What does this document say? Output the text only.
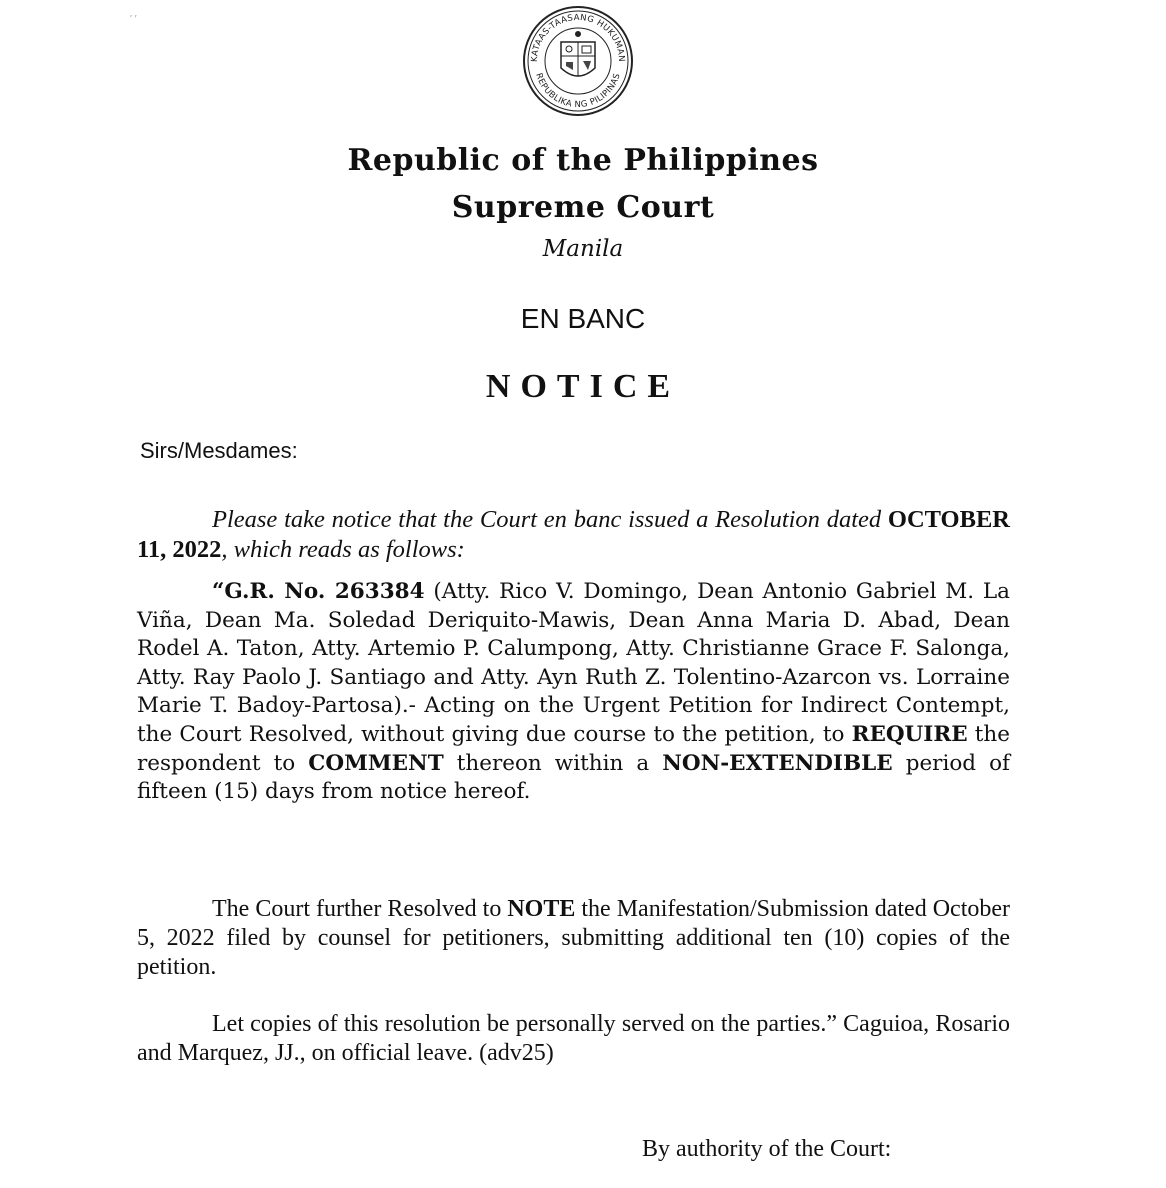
′ ′
KATAAS-TAASANG HUKUMAN
REPUBLIKA NG PILIPINAS
Republic of the Philippines
Supreme Court
Manila
EN BANC
NOTICE
Sirs/Mesdames:
Please take notice that the Court en banc issued a Resolution dated OCTOBER 11, 2022, which reads as follows:
“G.R. No. 263384 (Atty. Rico V. Domingo, Dean Antonio Gabriel M. La Viña, Dean Ma. Soledad Deriquito-Mawis, Dean Anna Maria D. Abad, Dean Rodel A. Taton, Atty. Artemio P. Calumpong, Atty. Christianne Grace F. Salonga, Atty. Ray Paolo J. Santiago and Atty. Ayn Ruth Z. Tolentino-Azarcon vs. Lorraine Marie T. Badoy-Partosa).- Acting on the Urgent Petition for Indirect Contempt, the Court Resolved, without giving due course to the petition, to REQUIRE the respondent to COMMENT thereon within a NON-EXTENDIBLE period of fifteen (15) days from notice hereof.
The Court further Resolved to NOTE the Manifestation/Submission dated October 5, 2022 filed by counsel for petitioners, submitting additional ten (10) copies of the petition.
Let copies of this resolution be personally served on the parties.” Caguioa, Rosario and Marquez, JJ., on official leave. (adv25)
By authority of the Court:
